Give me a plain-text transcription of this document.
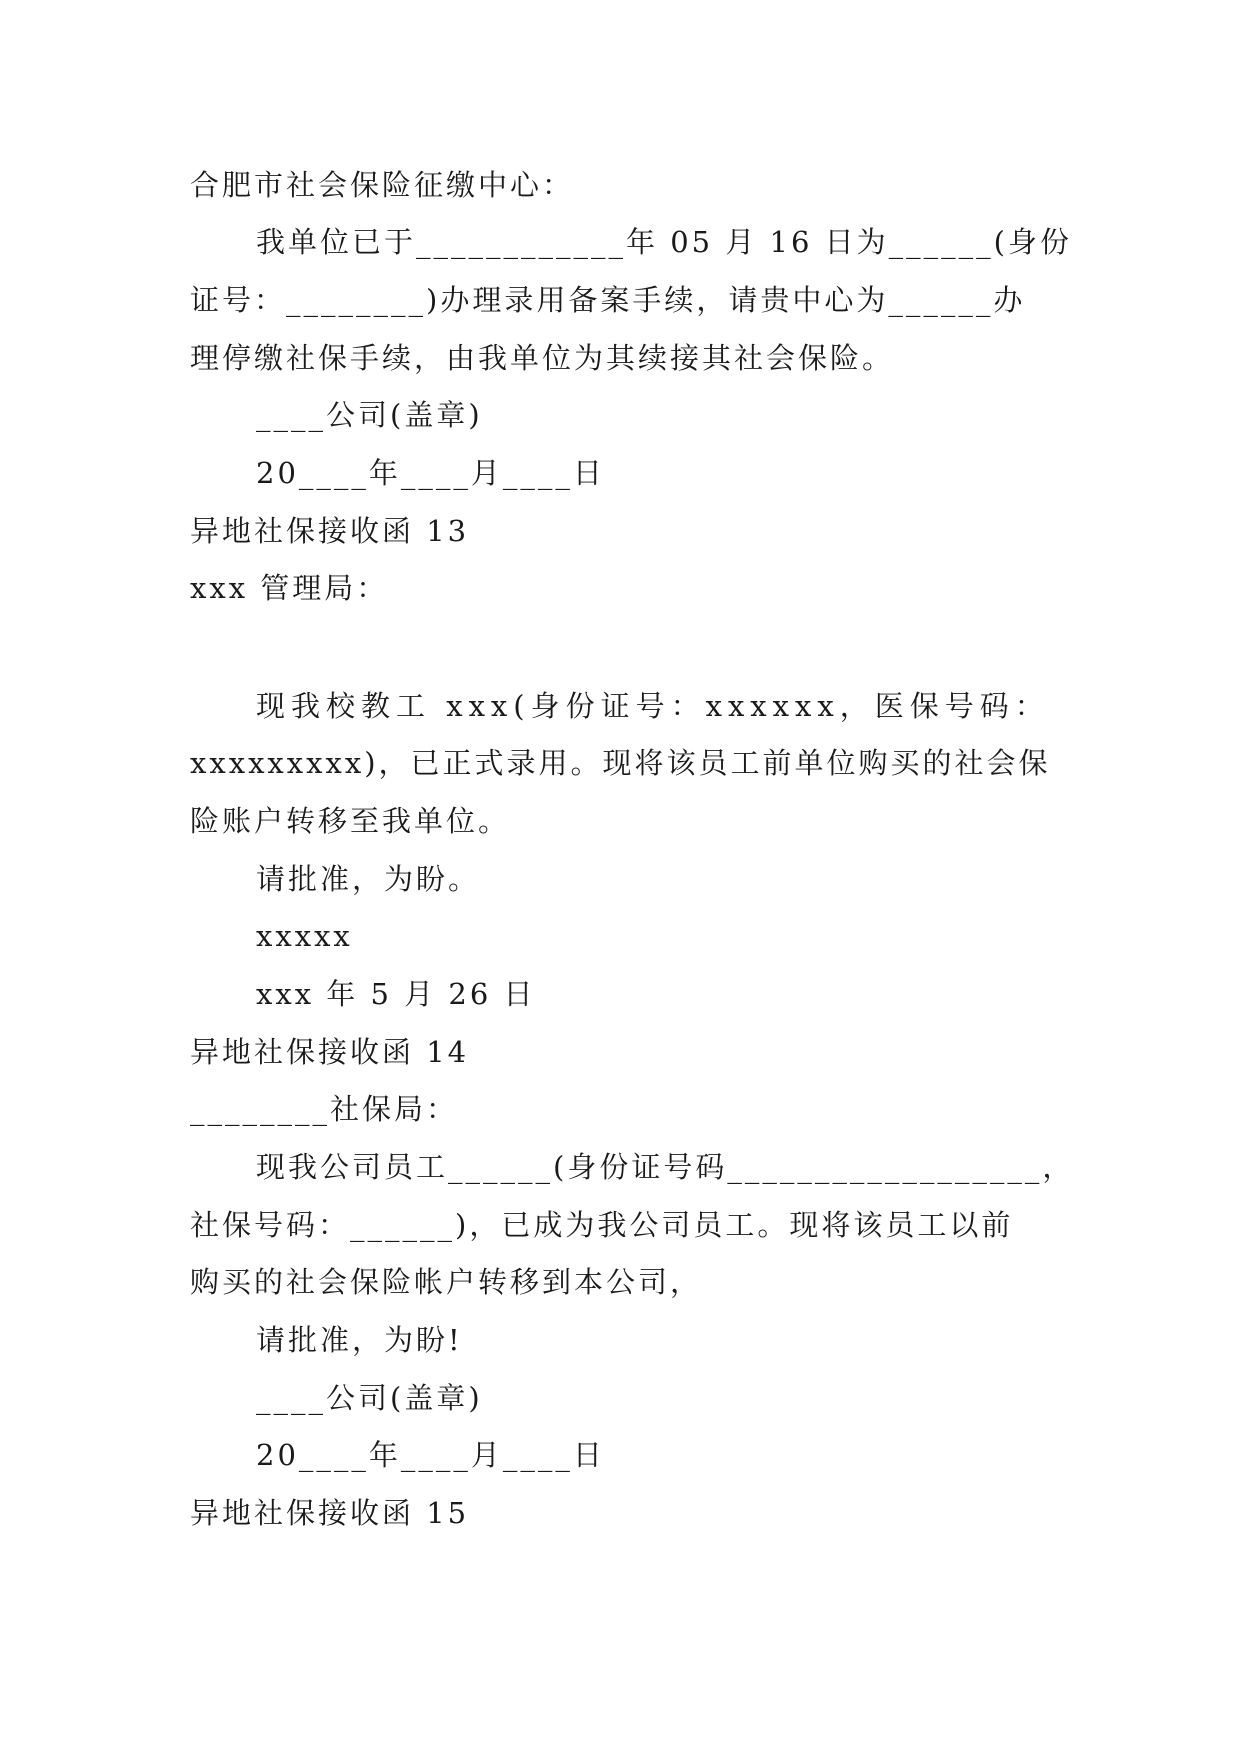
合肥市社会保险征缴中心：
我单位已于____________年 05 月 16 日为______(身份
证号：________)办理录用备案手续，请贵中心为______办
理停缴社保手续，由我单位为其续接其社会保险。
____公司(盖章)
20____年____月____日
异地社保接收函 13
xxx 管理局：
现我校教工 xxx(身份证号：xxxxxx，医保号码：
xxxxxxxxx)，已正式录用。现将该员工前单位购买的社会保
险账户转移至我单位。
请批准，为盼。
xxxxx
xxx 年 5 月 26 日
异地社保接收函 14
________社保局：
现我公司员工______(身份证号码__________________，
社保号码：______)，已成为我公司员工。现将该员工以前
购买的社会保险帐户转移到本公司，
请批准，为盼!
____公司(盖章)
20____年____月____日
异地社保接收函 15
